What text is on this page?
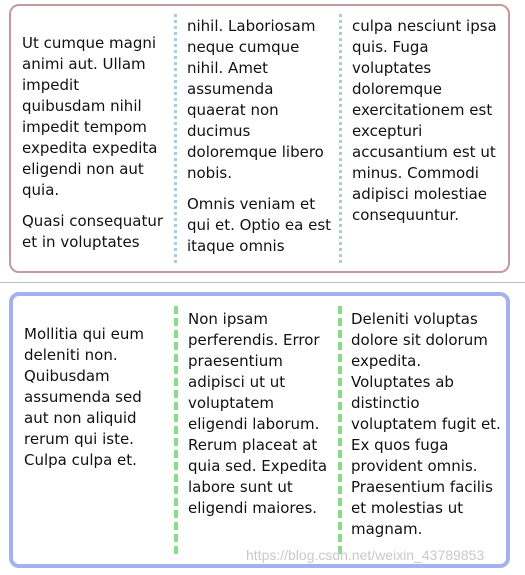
Ut cumque magni animi aut. Ullam impedit quibusdam nihil impedit tempom expedita expedita eligendi non aut quia.

Quasi consequatur et in voluptates

nihil. Laboriosam neque cumque nihil. Amet assumenda quaerat non ducimus doloremque libero nobis.

Omnis veniam et qui et. Optio ea est itaque omnis

culpa nesciunt ipsa quis. Fuga voluptates doloremque exercitationem est excepturi accusantium est ut minus. Commodi adipisci molestiae consequuntur.

Mollitia qui eum deleniti non. Quibusdam assumenda sed aut non aliquid rerum qui iste. Culpa culpa et.

Non ipsam perferendis. Error praesentium adipisci ut ut voluptatem eligendi laborum. Rerum placeat at quia sed. Expedita labore sunt ut eligendi maiores.

Deleniti voluptas dolore sit dolorum expedita. Voluptates ab distinctio voluptatem fugit et. Ex quos fuga provident omnis. Praesentium facilis et molestias ut magnam.

https://blog.csdn.net/weixin_43789853
